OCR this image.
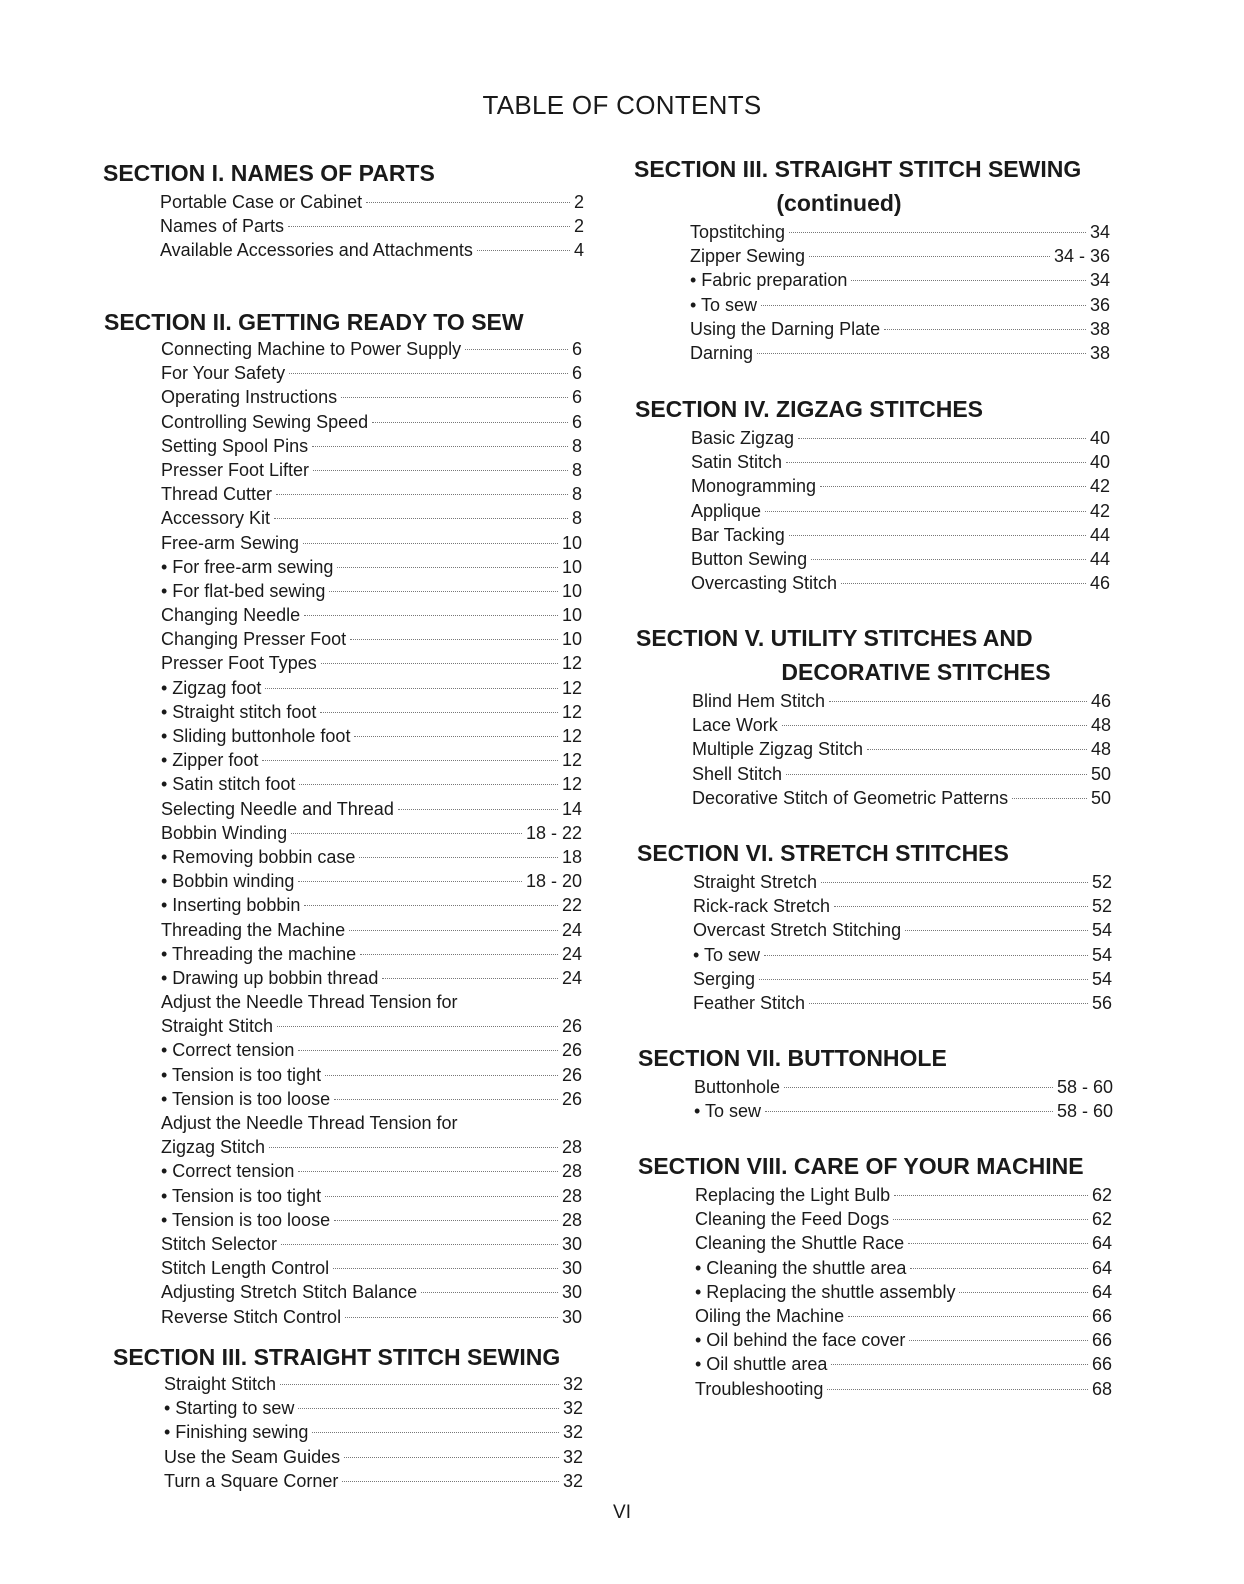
TABLE OF CONTENTS
SECTION I. NAMES OF PARTS
Portable Case or Cabinet	2
Names of Parts	2
Available Accessories and Attachments	4
SECTION II. GETTING READY TO SEW
Connecting Machine to Power Supply	6
For Your Safety	6
Operating Instructions	6
Controlling Sewing Speed	6
Setting Spool Pins	8
Presser Foot Lifter	8
Thread Cutter	8
Accessory Kit	8
Free-arm Sewing	10
• For free-arm sewing	10
• For flat-bed sewing	10
Changing Needle	10
Changing Presser Foot	10
Presser Foot Types	12
• Zigzag foot	12
• Straight stitch foot	12
• Sliding buttonhole foot	12
• Zipper foot	12
• Satin stitch foot	12
Selecting Needle and Thread	14
Bobbin Winding	18 - 22
• Removing bobbin case	18
• Bobbin winding	18 - 20
• Inserting bobbin	22
Threading the Machine	24
• Threading the machine	24
• Drawing up bobbin thread	24
Adjust the Needle Thread Tension for
Straight Stitch	26
• Correct tension	26
• Tension is too tight	26
• Tension is too loose	26
Adjust the Needle Thread Tension for
Zigzag Stitch	28
• Correct tension	28
• Tension is too tight	28
• Tension is too loose	28
Stitch Selector	30
Stitch Length Control	30
Adjusting Stretch Stitch Balance	30
Reverse Stitch Control	30
SECTION III. STRAIGHT STITCH SEWING
Straight Stitch	32
• Starting to sew	32
• Finishing sewing	32
Use the Seam Guides	32
Turn a Square Corner	32
SECTION III. STRAIGHT STITCH SEWING
(continued)
Topstitching	34
Zipper Sewing	34 - 36
• Fabric preparation	34
• To sew	36
Using the Darning Plate	38
Darning	38
SECTION IV. ZIGZAG STITCHES
Basic Zigzag	40
Satin Stitch	40
Monogramming	42
Applique	42
Bar Tacking	44
Button Sewing	44
Overcasting Stitch	46
SECTION V. UTILITY STITCHES AND
DECORATIVE STITCHES
Blind Hem Stitch	46
Lace Work	48
Multiple Zigzag Stitch	48
Shell Stitch	50
Decorative Stitch of Geometric Patterns	50
SECTION VI. STRETCH STITCHES
Straight Stretch	52
Rick-rack Stretch	52
Overcast Stretch Stitching	54
• To sew	54
Serging	54
Feather Stitch	56
SECTION VII. BUTTONHOLE
Buttonhole	58 - 60
• To sew	58 - 60
SECTION VIII. CARE OF YOUR MACHINE
Replacing the Light Bulb	62
Cleaning the Feed Dogs	62
Cleaning the Shuttle Race	64
• Cleaning the shuttle area	64
• Replacing the shuttle assembly	64
Oiling the Machine	66
• Oil behind the face cover	66
• Oil shuttle area	66
Troubleshooting	68
VI
